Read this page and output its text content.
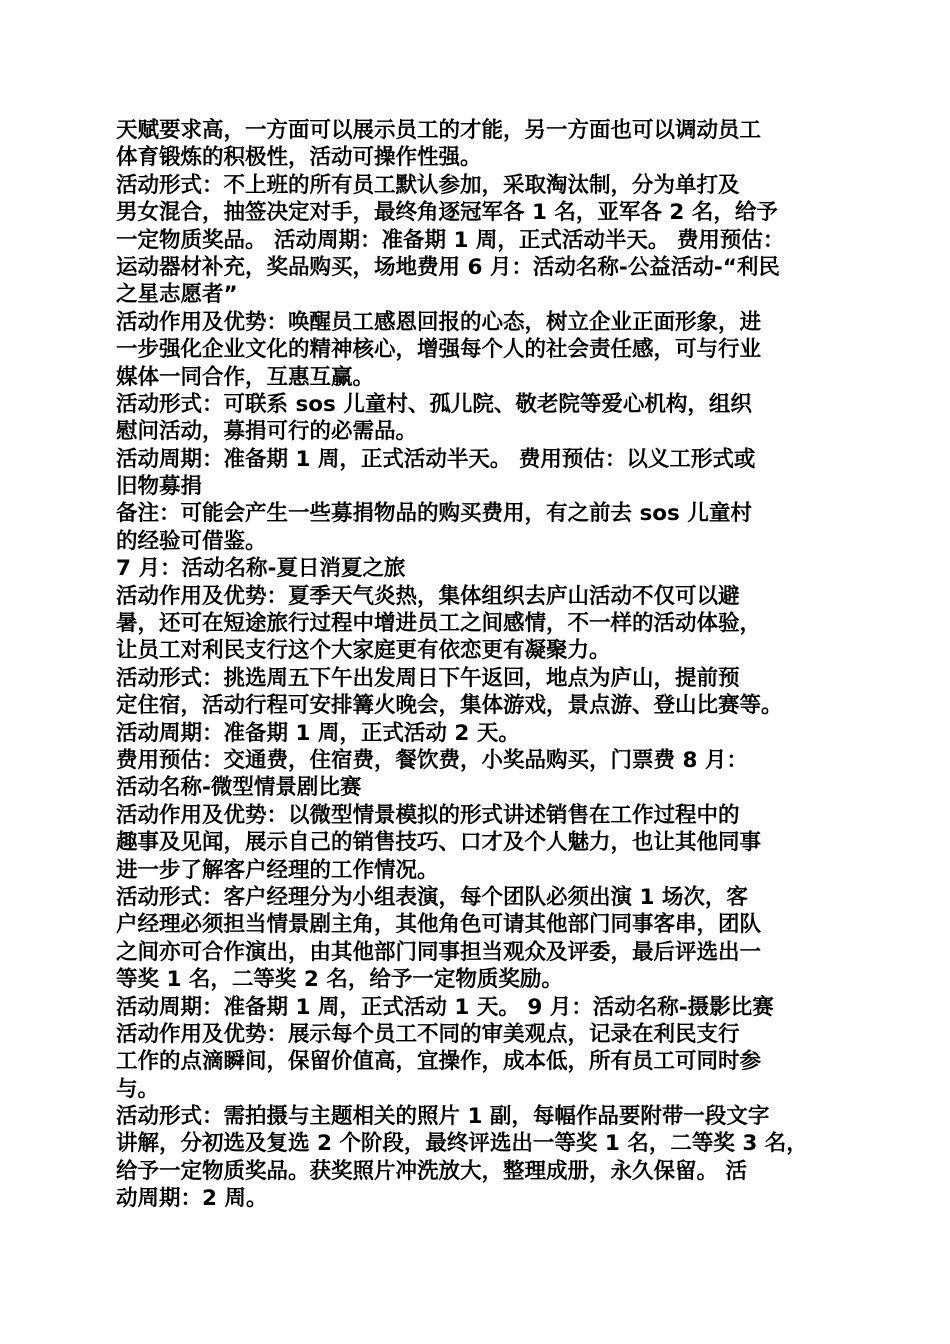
天赋要求高，一方面可以展示员工的才能，另一方面也可以调动员工
体育锻炼的积极性，活动可操作性强。
活动形式：不上班的所有员工默认参加，采取淘汰制，分为单打及
男女混合，抽签决定对手，最终角逐冠军各 1 名，亚军各 2 名，给予
一定物质奖品。 活动周期：准备期 1 周，正式活动半天。 费用预估：
运动器材补充，奖品购买，场地费用 6 月：活动名称-公益活动-“利民
之星志愿者”
活动作用及优势：唤醒员工感恩回报的心态，树立企业正面形象，进
一步强化企业文化的精神核心，增强每个人的社会责任感，可与行业
媒体一同合作，互惠互赢。
活动形式：可联系 sos 儿童村、孤儿院、敬老院等爱心机构，组织
慰问活动，募捐可行的必需品。
活动周期：准备期 1 周，正式活动半天。 费用预估：以义工形式或
旧物募捐
备注：可能会产生一些募捐物品的购买费用，有之前去 sos 儿童村
的经验可借鉴。
7 月：活动名称-夏日消夏之旅
活动作用及优势：夏季天气炎热，集体组织去庐山活动不仅可以避
暑，还可在短途旅行过程中增进员工之间感情，不一样的活动体验，
让员工对利民支行这个大家庭更有依恋更有凝聚力。
活动形式：挑选周五下午出发周日下午返回，地点为庐山，提前预
定住宿，活动行程可安排篝火晚会，集体游戏，景点游、登山比赛等。
活动周期：准备期 1 周，正式活动 2 天。
费用预估：交通费，住宿费，餐饮费，小奖品购买，门票费 8 月：
活动名称-微型情景剧比赛
活动作用及优势：以微型情景模拟的形式讲述销售在工作过程中的
趣事及见闻，展示自己的销售技巧、口才及个人魅力，也让其他同事
进一步了解客户经理的工作情况。
活动形式：客户经理分为小组表演，每个团队必须出演 1 场次，客
户经理必须担当情景剧主角，其他角色可请其他部门同事客串，团队
之间亦可合作演出，由其他部门同事担当观众及评委，最后评选出一
等奖 1 名，二等奖 2 名，给予一定物质奖励。
活动周期：准备期 1 周，正式活动 1 天。 9 月：活动名称-摄影比赛
活动作用及优势：展示每个员工不同的审美观点，记录在利民支行
工作的点滴瞬间，保留价值高，宜操作，成本低，所有员工可同时参
与。
活动形式：需拍摄与主题相关的照片 1 副，每幅作品要附带一段文字
讲解，分初选及复选 2 个阶段，最终评选出一等奖 1 名，二等奖 3 名，
给予一定物质奖品。获奖照片冲洗放大，整理成册，永久保留。 活
动周期：2 周。
